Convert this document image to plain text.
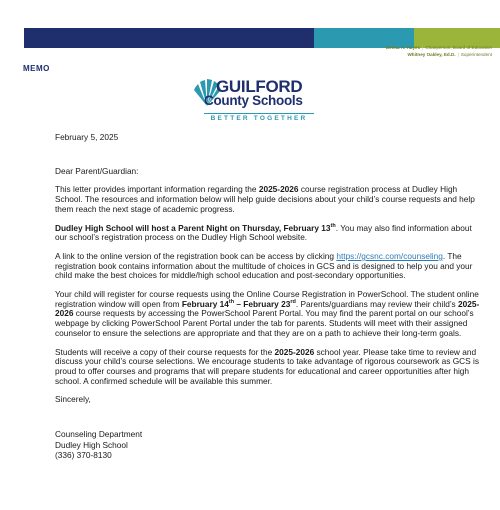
Deena A. Hayes | Chairperson, Board of Education
Whitney Oakley, Ed.D. | Superintendent
MEMO
GUILFORD
County Schools
BETTER TOGETHER

February 5, 2025

Dear Parent/Guardian:

This letter provides important information regarding the 2025-2026 course registration process at Dudley High School. The resources and information below will help guide decisions about your child’s course requests and help them reach the next stage of academic progress.

Dudley High School will host a Parent Night on Thursday, February 13th. You may also find information about our school’s registration process on the Dudley High School website.

A link to the online version of the registration book can be access by clicking https://gcsnc.com/counseling. The registration book contains information about the multitude of choices in GCS and is designed to help you and your child make the best choices for middle/high school education and post-secondary opportunities.

Your child will register for course requests using the Online Course Registration in PowerSchool. The student online registration window will open from February 14th – February 23rd. Parents/guardians may review their child’s 2025-2026 course requests by accessing the PowerSchool Parent Portal. You may find the parent portal on our school’s webpage by clicking PowerSchool Parent Portal under the tab for parents. Students will meet with their assigned counselor to ensure the selections are appropriate and that they are on a path to achieve their long-term goals.

Students will receive a copy of their course requests for the 2025-2026 school year. Please take time to review and discuss your child’s course selections. We encourage students to take advantage of rigorous coursework as GCS is proud to offer courses and programs that will prepare students for educational and career opportunities after high school. A confirmed schedule will be available this summer.

Sincerely,

Counseling Department
Dudley High School
(336) 370-8130
